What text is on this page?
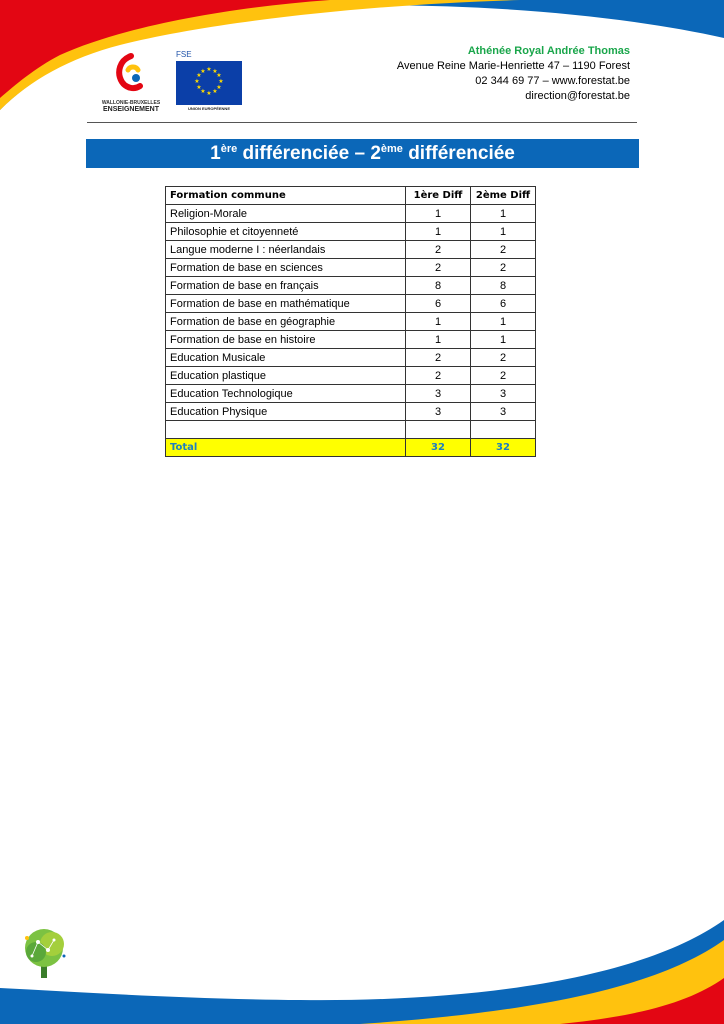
WALLONIE-BRUXELLES
ENSEIGNEMENT
FSE
★ ★
★
★
★
★
★
★
★
★
★
★
UNION EUROPÉENNE
Athénée Royal Andrée Thomas
Avenue Reine Marie-Henriette 47 – 1190 Forest
02 344 69 77 – www.forestat.be
direction@forestat.be
1ère différenciée – 2ème différenciée
Formation commune	1ère Diff	2ème Diff
Religion-Morale	1	1
Philosophie et citoyenneté	1	1
Langue moderne I : néerlandais	2	2
Formation de base en sciences	2	2
Formation de base en français	8	8
Formation de base en mathématique	6	6
Formation de base en géographie	1	1
Formation de base en histoire	1	1
Education Musicale	2	2
Education plastique	2	2
Education Technologique	3	3
Education Physique	3	3

Total	32	32
